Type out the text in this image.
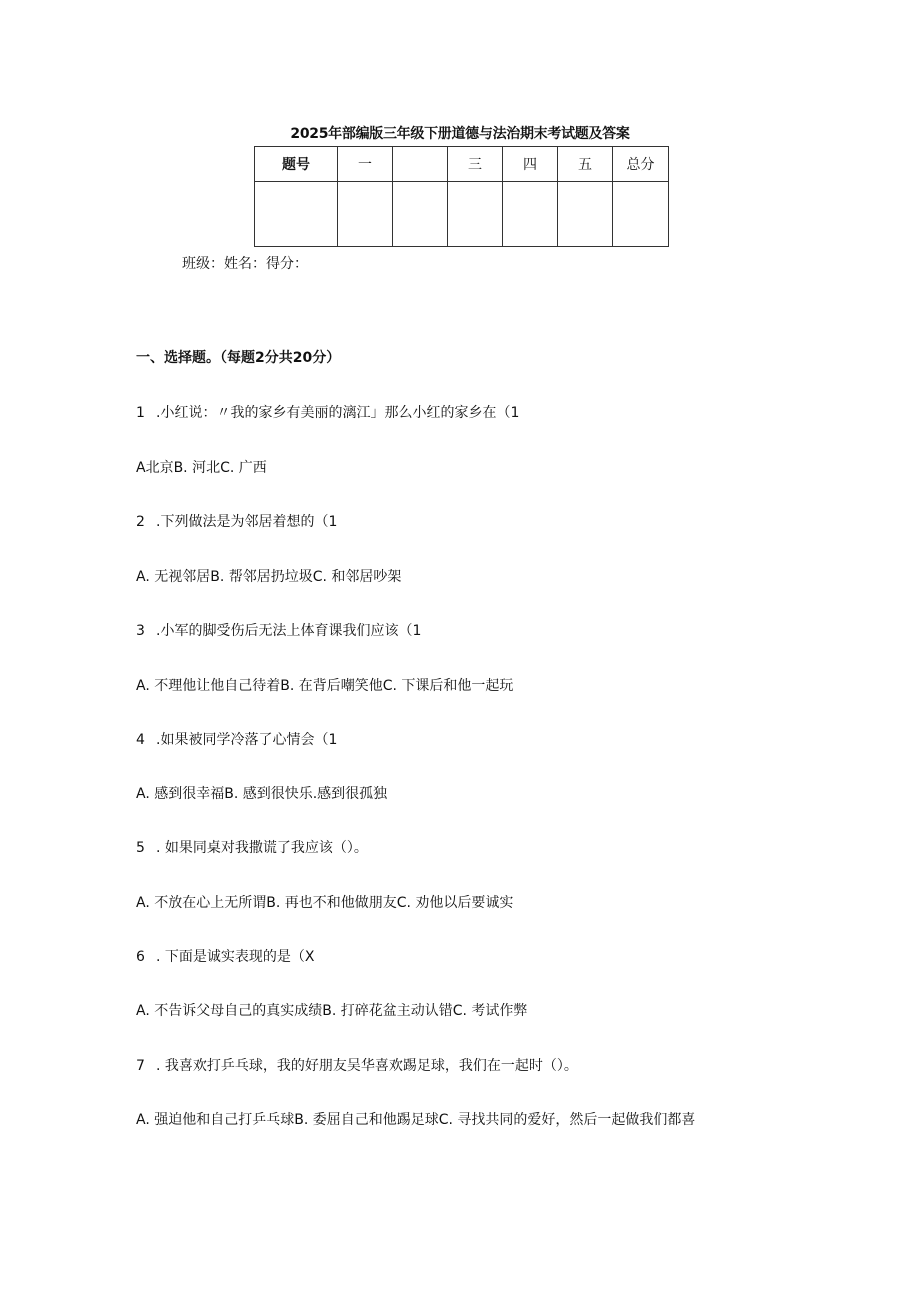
2025年部编版三年级下册道德与法治期末考试题及答案
题号	一		三	四	五	总分

班级：姓名：得分：
一、选择题。（每题2分共20分）
1 .小红说：〃我的家乡有美丽的漓江」那么小红的家乡在（1
A北京B. 河北C. 广西
2 .下列做法是为邻居着想的（1
A. 无视邻居B. 帮邻居扔垃圾C. 和邻居吵架
3 .小军的脚受伤后无法上体育课我们应该（1
A. 不理他让他自己待着B. 在背后嘲笑他C. 下课后和他一起玩
4 .如果被同学冷落了心情会（1
A. 感到很幸福B. 感到很快乐.感到很孤独
5 . 如果同桌对我撒谎了我应该（）。
A. 不放在心上无所谓B. 再也不和他做朋友C. 劝他以后要诚实
6 . 下面是诚实表现的是（X
A. 不告诉父母自己的真实成绩B. 打碎花盆主动认错C. 考试作弊
7 . 我喜欢打乒乓球，我的好朋友吴华喜欢踢足球，我们在一起时（）。
A. 强迫他和自己打乒乓球B. 委屈自己和他踢足球C. 寻找共同的爱好，然后一起做我们都喜
